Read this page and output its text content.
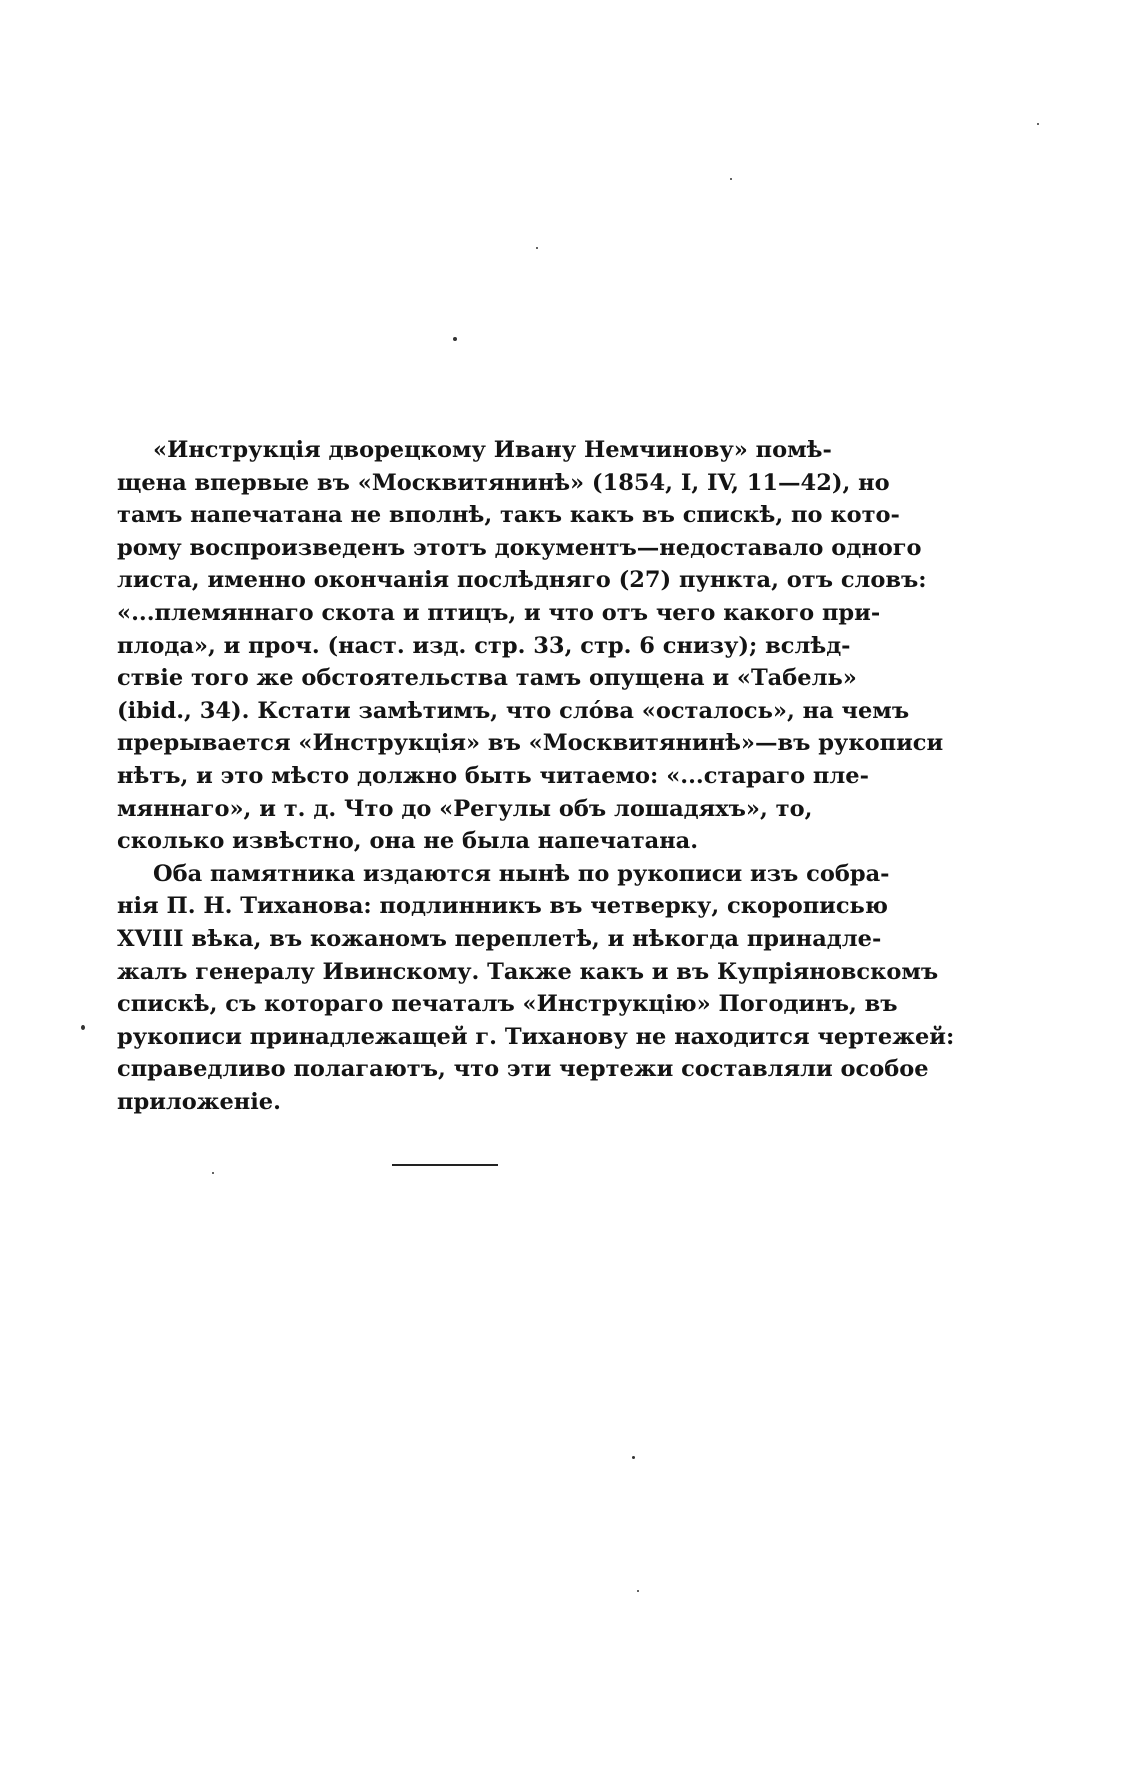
«Инструкція дворецкому Ивану Немчинову» помѣ-
щена впервые въ «Москвитянинѣ» (1854, I, IV, 11—42), но
тамъ напечатана не вполнѣ, такъ какъ въ спискѣ, по кото-
рому воспроизведенъ этотъ документъ—недоставало одного
листа, именно окончанія послѣдняго (27) пункта, отъ словъ:
«...племяннаго скота и птицъ, и что отъ чего какого при-
плода», и проч. (наст. изд. стр. 33, стр. 6 снизу); вслѣд-
ствіе того же обстоятельства тамъ опущена и «Табель»
(ibid., 34). Кстати замѣтимъ, что слóва «осталось», на чемъ
прерывается «Инструкція» въ «Москвитянинѣ»—въ рукописи
нѣтъ, и это мѣсто должно быть читаемо: «...стараго пле-
мяннаго», и т. д. Что до «Регулы объ лошадяхъ», то,
сколько извѣстно, она не была напечатана.
Оба памятника издаются нынѣ по рукописи изъ собра-
нія П. Н. Тиханова: подлинникъ въ четверку, скорописью
XVIII вѣка, въ кожаномъ переплетѣ, и нѣкогда принадле-
жалъ генералу Ивинскому. Также какъ и въ Купріяновскомъ
спискѣ, съ котораго печаталъ «Инструкцію» Погодинъ, въ
рукописи принадлежащей г. Тиханову не находится чертежей:
справедливо полагаютъ, что эти чертежи составляли особое
приложеніе.
